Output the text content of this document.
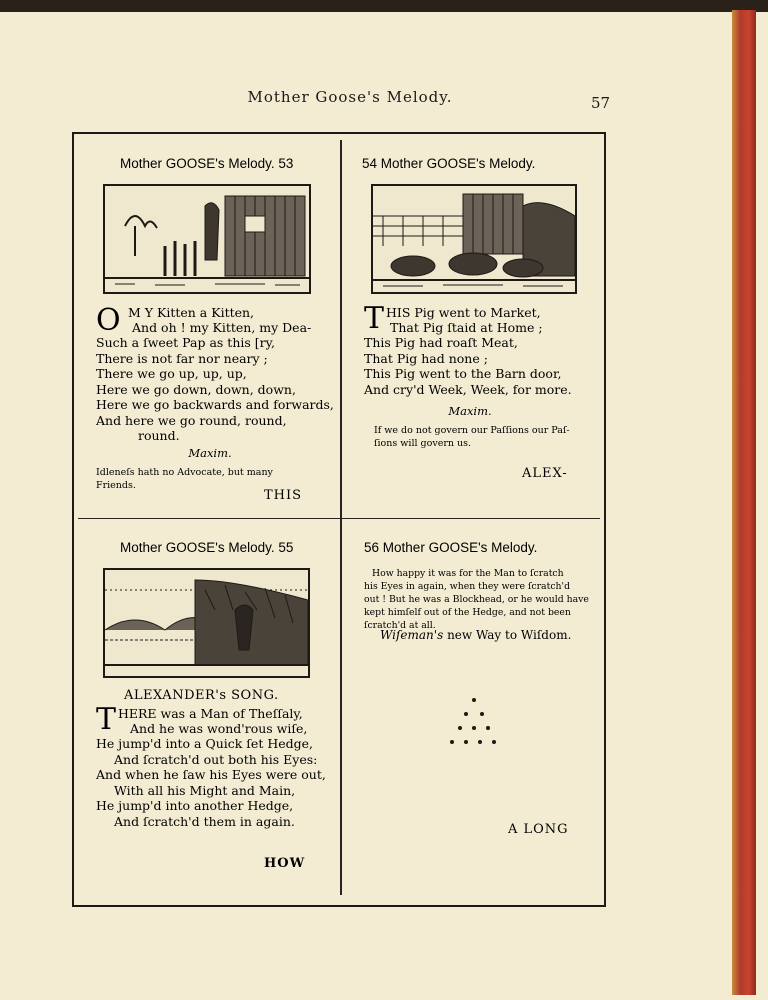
Mother Goose's Melody.	57
Mother GOOSE's Melody. 53
O M Y Kitten a Kitten,
And oh ! my Kitten, my Dea-
Such a ſweet Pap as this [ry,
There is not far nor neary ;
There we go up, up, up,
Here we go down, down, down,
Here we go backwards and forwards,
And here we go round, round,
round.
Maxim.
Idleneſs hath no Advocate, but many
Friends.
THIS
54 Mother GOOSE's Melody.
T HIS Pig went to Market,
That Pig ſtaid at Home ;
This Pig had roaſt Meat,
That Pig had none ;
This Pig went to the Barn door,
And cry'd Week, Week, for more.
Maxim.
If we do not govern our Paſſions our Paſ-
ſions will govern us.
ALEX-
Mother GOOSE's Melody. 55
ALEXANDER's SONG.
T HERE was a Man of Theſſaly,
And he was wond'rous wiſe,
He jump'd into a Quick ſet Hedge,
And ſcratch'd out both his Eyes:
And when he ſaw his Eyes were out,
With all his Might and Main,
He jump'd into another Hedge,
And ſcratch'd them in again.
HOW
56 Mother GOOSE's Melody.
How happy it was for the Man to ſcratch
his Eyes in again, when they were ſcratch'd
out ! But he was a Blockhead, or he would have
kept himſelf out of the Hedge, and not been
ſcratch'd at all.
Wiſeman's new Way to Wiſdom.
A LONG
